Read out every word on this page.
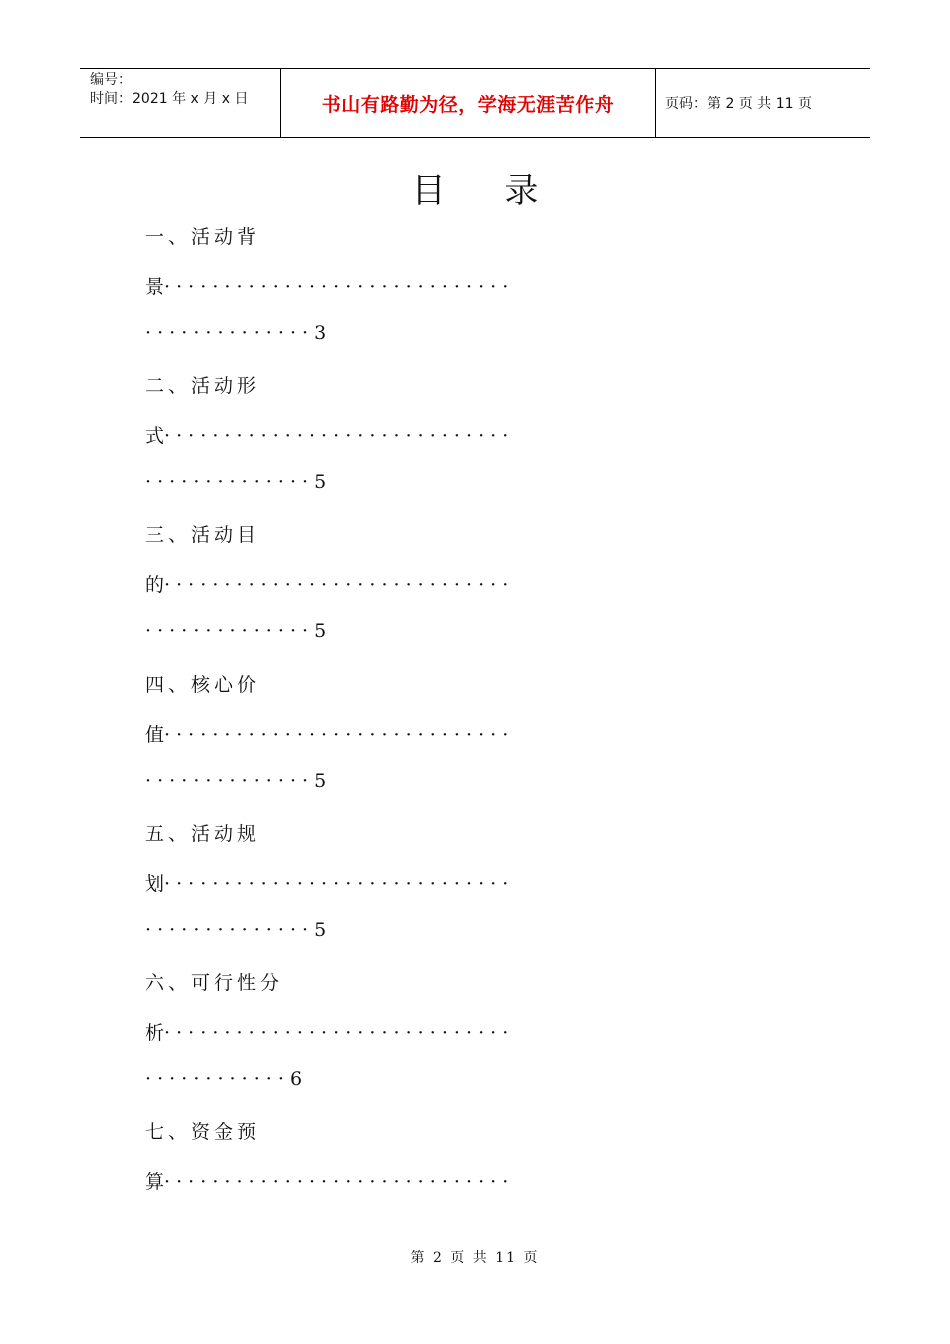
编号：
时间：2021 年 x 月 x 日	书山有路勤为径，学海无涯苦作舟	页码：第 2 页 共 11 页
目 录
一、活动背
景· · · · · · · · · · · · · · · · · · · · · · · · · · · · ·
· · · · · · · · · · · · · · 3
二、活动形
式· · · · · · · · · · · · · · · · · · · · · · · · · · · · ·
· · · · · · · · · · · · · · 5
三、活动目
的· · · · · · · · · · · · · · · · · · · · · · · · · · · · ·
· · · · · · · · · · · · · · 5
四、核心价
值· · · · · · · · · · · · · · · · · · · · · · · · · · · · ·
· · · · · · · · · · · · · · 5
五、活动规
划· · · · · · · · · · · · · · · · · · · · · · · · · · · · ·
· · · · · · · · · · · · · · 5
六、可行性分
析· · · · · · · · · · · · · · · · · · · · · · · · · · · · ·
· · · · · · · · · · · · 6
七、资金预
算· · · · · · · · · · · · · · · · · · · · · · · · · · · · ·
第 2 页 共 11 页
